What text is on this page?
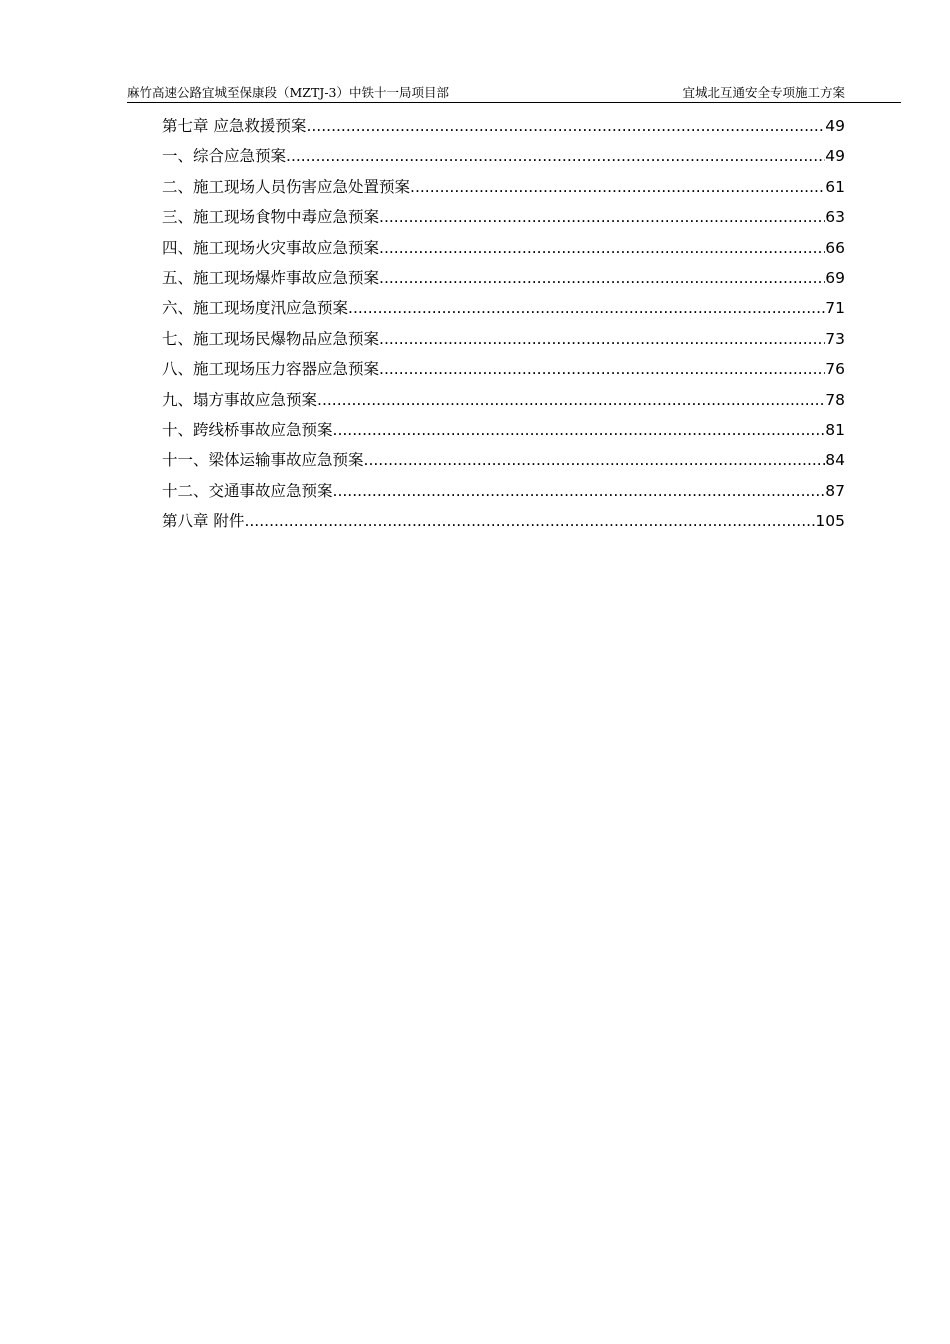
麻竹高速公路宜城至保康段（MZTJ-3）中铁十一局项目部	宜城北互通安全专项施工方案
第七章 应急救援预案 .....	49
一、综合应急预案 .....	49
二、施工现场人员伤害应急处置预案 .....	61
三、施工现场食物中毒应急预案 .....	63
四、施工现场火灾事故应急预案 .....	66
五、施工现场爆炸事故应急预案 .....	69
六、施工现场度汛应急预案 .....	71
七、施工现场民爆物品应急预案 .....	73
八、施工现场压力容器应急预案 .....	76
九、塌方事故应急预案 .....	78
十、跨线桥事故应急预案 .....	81
十一、梁体运输事故应急预案 .....	84
十二、交通事故应急预案 .....	87
第八章 附件 .....	105
